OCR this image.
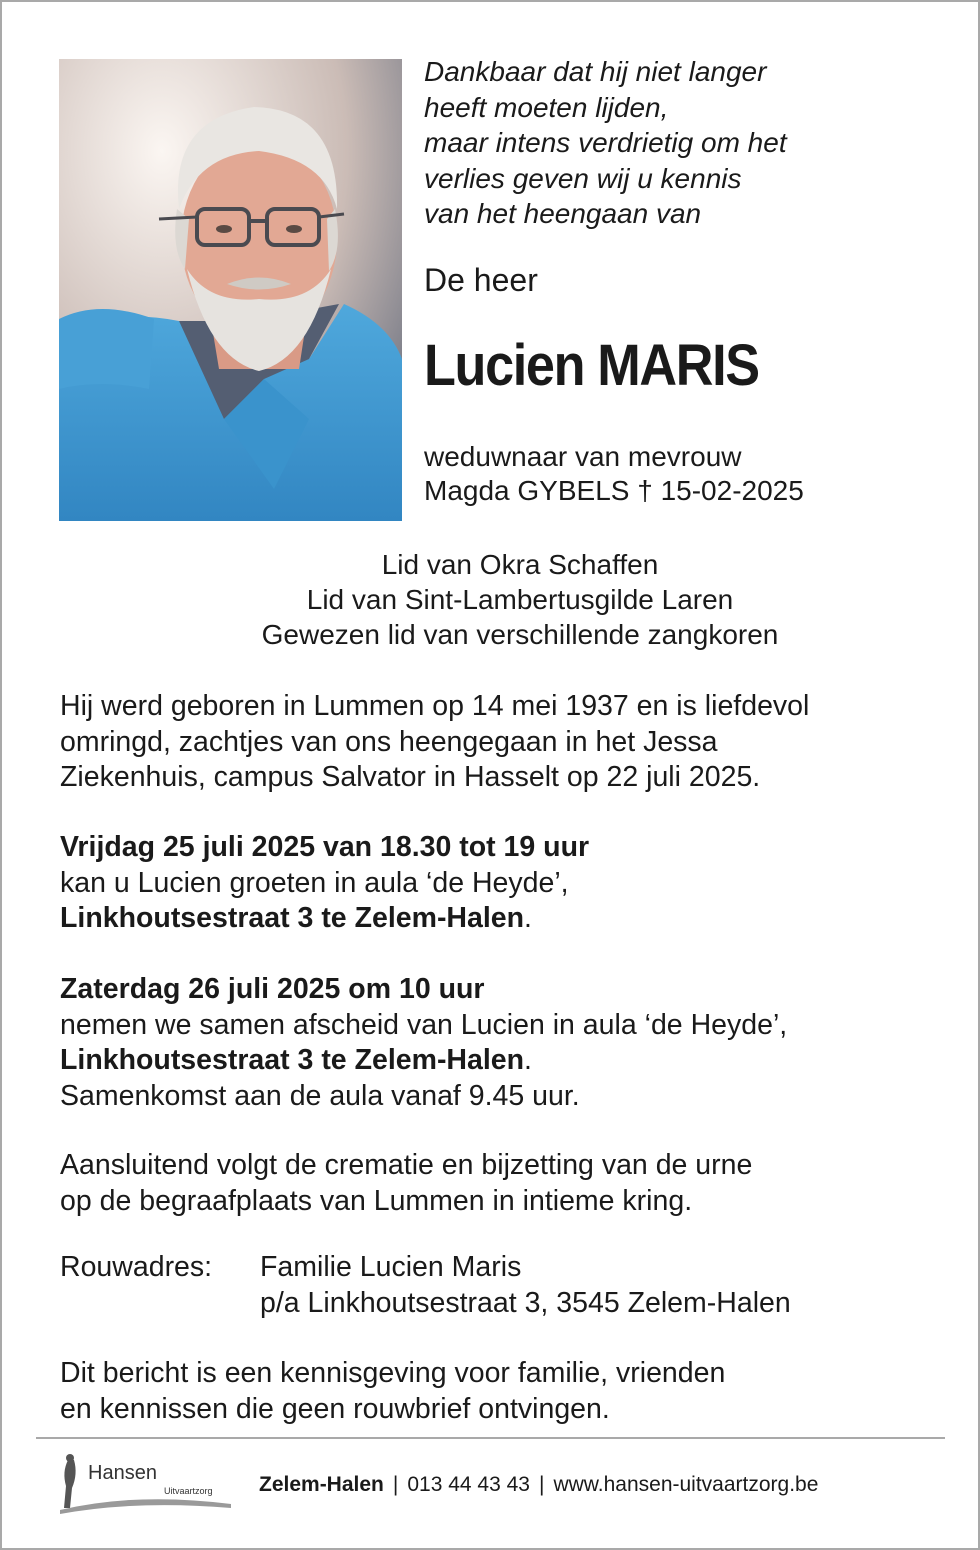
Dankbaar dat hij niet langer
heeft moeten lijden,
maar intens verdrietig om het
verlies geven wij u kennis
van het heengaan van

De heer

Lucien MARIS

weduwnaar van mevrouw
Magda GYBELS † 15-02-2025
Lid van Okra Schaffen
Lid van Sint-Lambertusgilde Laren
Gewezen lid van verschillende zangkoren
Hij werd geboren in Lummen op 14 mei 1937 en is liefdevol
omringd, zachtjes van ons heengegaan in het Jessa
Ziekenhuis, campus Salvator in Hasselt op 22 juli 2025.
Vrijdag 25 juli 2025 van 18.30 tot 19 uur
kan u Lucien groeten in aula ‘de Heyde’,
Linkhoutsestraat 3 te Zelem-Halen.
Zaterdag 26 juli 2025 om 10 uur
nemen we samen afscheid van Lucien in aula ‘de Heyde’,
Linkhoutsestraat 3 te Zelem-Halen.
Samenkomst aan de aula vanaf 9.45 uur.
Aansluitend volgt de crematie en bijzetting van de urne
op de begraafplaats van Lummen in intieme kring.
Rouwadres:	Familie Lucien Maris
p/a Linkhoutsestraat 3, 3545 Zelem-Halen
Dit bericht is een kennisgeving voor familie, vrienden
en kennissen die geen rouwbrief ontvingen.

Hansen

Uitvaartzorg Zelem-Halen | 013 44 43 43 | www.hansen-uitvaartzorg.be
